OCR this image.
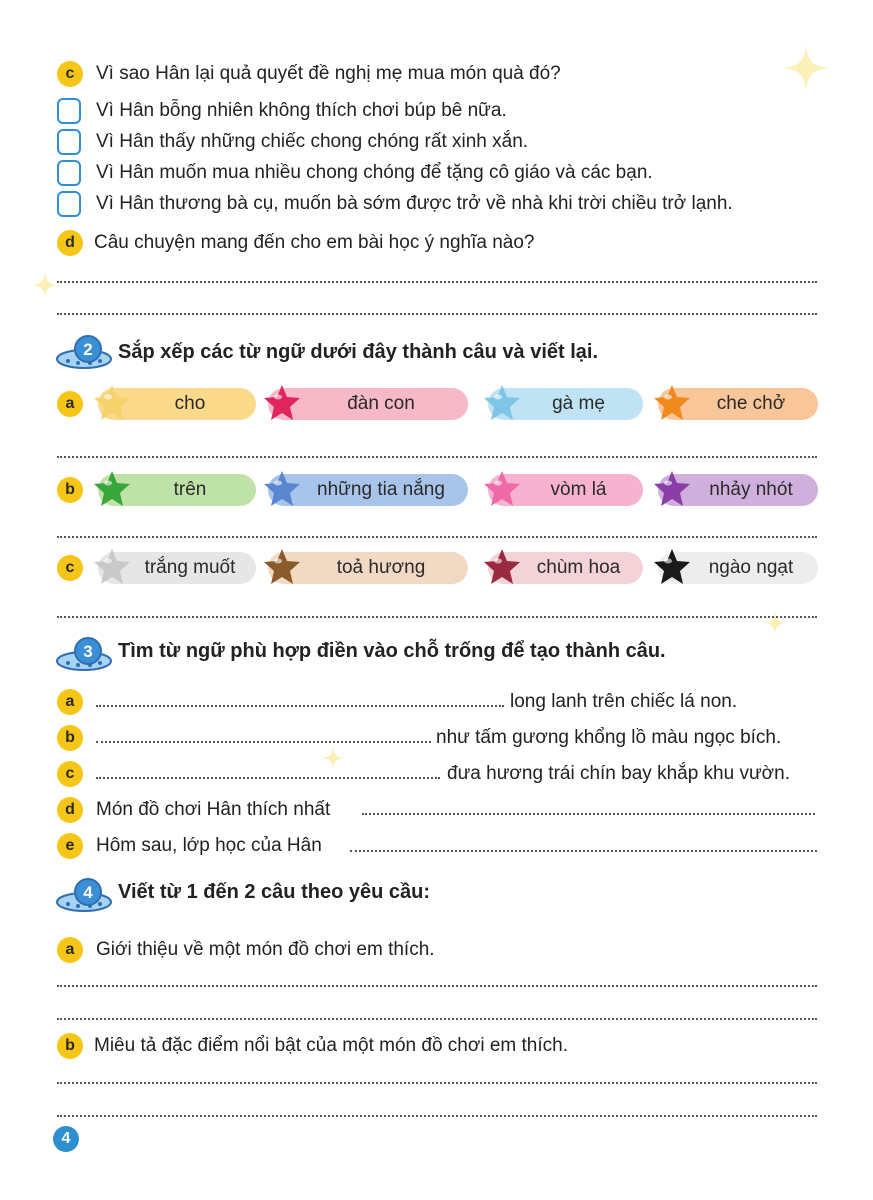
c	Vì sao Hân lại quả quyết đề nghị mẹ mua món quà đó?
Vì Hân bỗng nhiên không thích chơi búp bê nữa.
Vì Hân thấy những chiếc chong chóng rất xinh xắn.
Vì Hân muốn mua nhiều chong chóng để tặng cô giáo và các bạn.
Vì Hân thương bà cụ, muốn bà sớm được trở về nhà khi trời chiều trở lạnh.
d	Câu chuyện mang đến cho em bài học ý nghĩa nào?
2 Sắp xếp các từ ngữ dưới đây thành câu và viết lại.
a	cho	đàn con	gà mẹ	che chở
b	trên	những tia nắng	vòm lá	nhảy nhót
c	trắng muốt	toả hương	chùm hoa	ngào ngạt
3 Tìm từ ngữ phù hợp điền vào chỗ trống để tạo thành câu.
a	long lanh trên chiếc lá non.
b	như tấm gương khổng lồ màu ngọc bích.
c	đưa hương trái chín bay khắp khu vườn.
d	Món đồ chơi Hân thích nhất
e	Hôm sau, lớp học của Hân
4 Viết từ 1 đến 2 câu theo yêu cầu:
a	Giới thiệu về một món đồ chơi em thích.
b	Miêu tả đặc điểm nổi bật của một món đồ chơi em thích.
4
